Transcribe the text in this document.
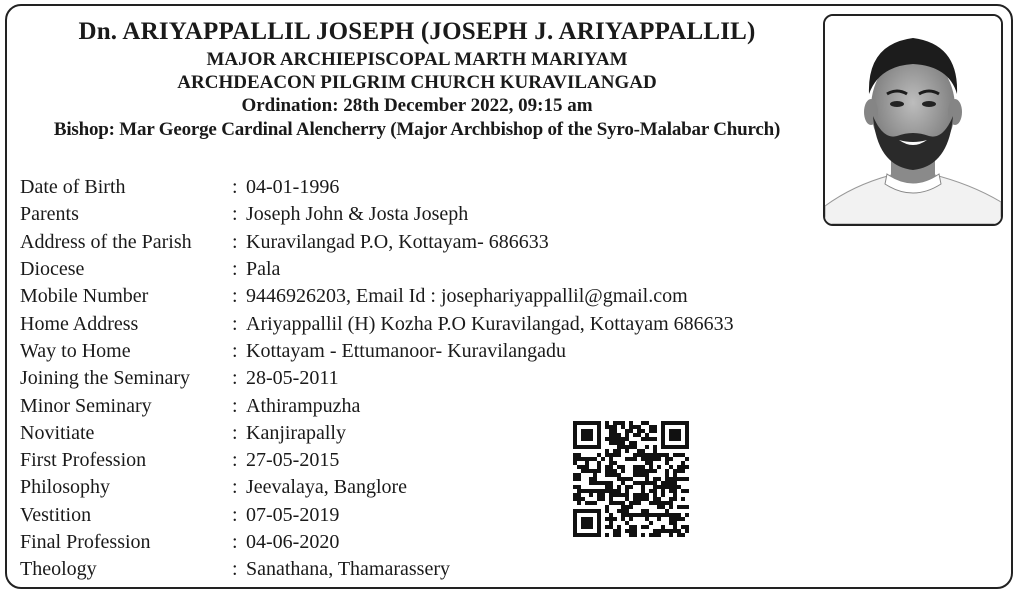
Dn. ARIYAPPALLIL JOSEPH (JOSEPH J. ARIYAPPALLIL)
MAJOR ARCHIEPISCOPAL MARTH MARIYAM
ARCHDEACON PILGRIM CHURCH KURAVILANGAD
Ordination: 28th December 2022, 09:15 am
Bishop: Mar George Cardinal Alencherry (Major Archbishop of the Syro-Malabar Church)
Date of Birth	: 04-01-1996
Parents	: Joseph John & Josta Joseph
Address of the Parish	: Kuravilangad P.O, Kottayam- 686633
Diocese	: Pala
Mobile Number	: 9446926203, Email Id : josephariyappallil@gmail.com
Home Address	: Ariyappallil (H) Kozha P.O Kuravilangad, Kottayam 686633
Way to Home	: Kottayam - Ettumanoor- Kuravilangadu
Joining the Seminary	: 28-05-2011
Minor Seminary	: Athirampuzha
Novitiate	: Kanjirapally
First Profession	: 27-05-2015
Philosophy	: Jeevalaya, Banglore
Vestition	: 07-05-2019
Final Profession	: 04-06-2020
Theology	: Sanathana, Thamarassery
